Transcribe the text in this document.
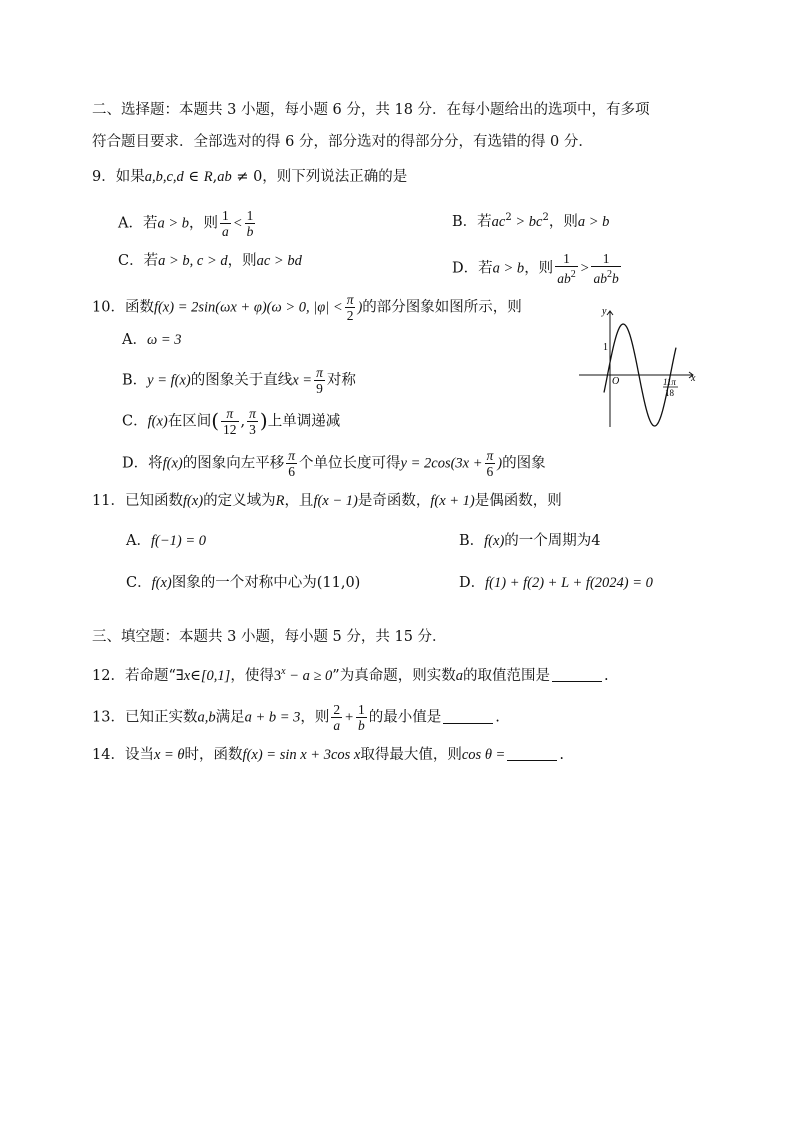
二、选择题：本题共 3 小题，每小题 6 分，共 18 分．在每小题给出的选项中，有多项
符合题目要求．全部选对的得 6 分，部分选对的得部分分，有选错的得 0 分．
9．如果a,b,c,d ∈ R,ab ≠ 0，则下列说法正确的是
A．若a > b，则 $\frac{1}{a} < \frac{1}{b}$	B．若$ac^2 > bc^2$，则a > b
C．若a > b, c > d，则ac > bd	D．若a > b，则 $\frac{1}{ab^2} > \frac{1}{ab^2b}$
10．函数f(x) = 2sin(ωx + φ)(ω > 0, $|\varphi| < \frac{\pi}{2}$ )的部分图象如图所示，则
A．ω = 3
B．y = f(x)的图象关于直线$x = \frac{\pi}{9}$ 对称
C．f(x)在区间( $\frac{\pi}{12}$ , $\frac{\pi}{3}$ )上单调递减
D．将f(x)的图象向左平移 $\frac{\pi}{6}$ 个单位长度可得$y = 2\cos(3x + \frac{\pi}{6}$ )的图象
y
x
1
O	11π
18
11．已知函数f(x)的定义域为R，且f(x − 1)是奇函数，f(x + 1)是偶函数，则
A．f(−1) = 0	B．f(x)的一个周期为4
C．f(x)图象的一个对称中心为(11,0)	D．f(1) + f(2) + L + f(2024) = 0
三、填空题：本题共 3 小题，每小题 5 分，共 15 分．
12．若命题“∃x∈[0,1]，使得$3^x - a \ge 0$”为真命题，则实数a的取值范围是	.
13．已知正实数a,b满足a + b = 3，则 $\frac{2}{a} + \frac{1}{b}$ 的最小值是	.
14．设当x = θ时，函数f(x) = sin x + 3cos x取得最大值，则cos θ =	.
